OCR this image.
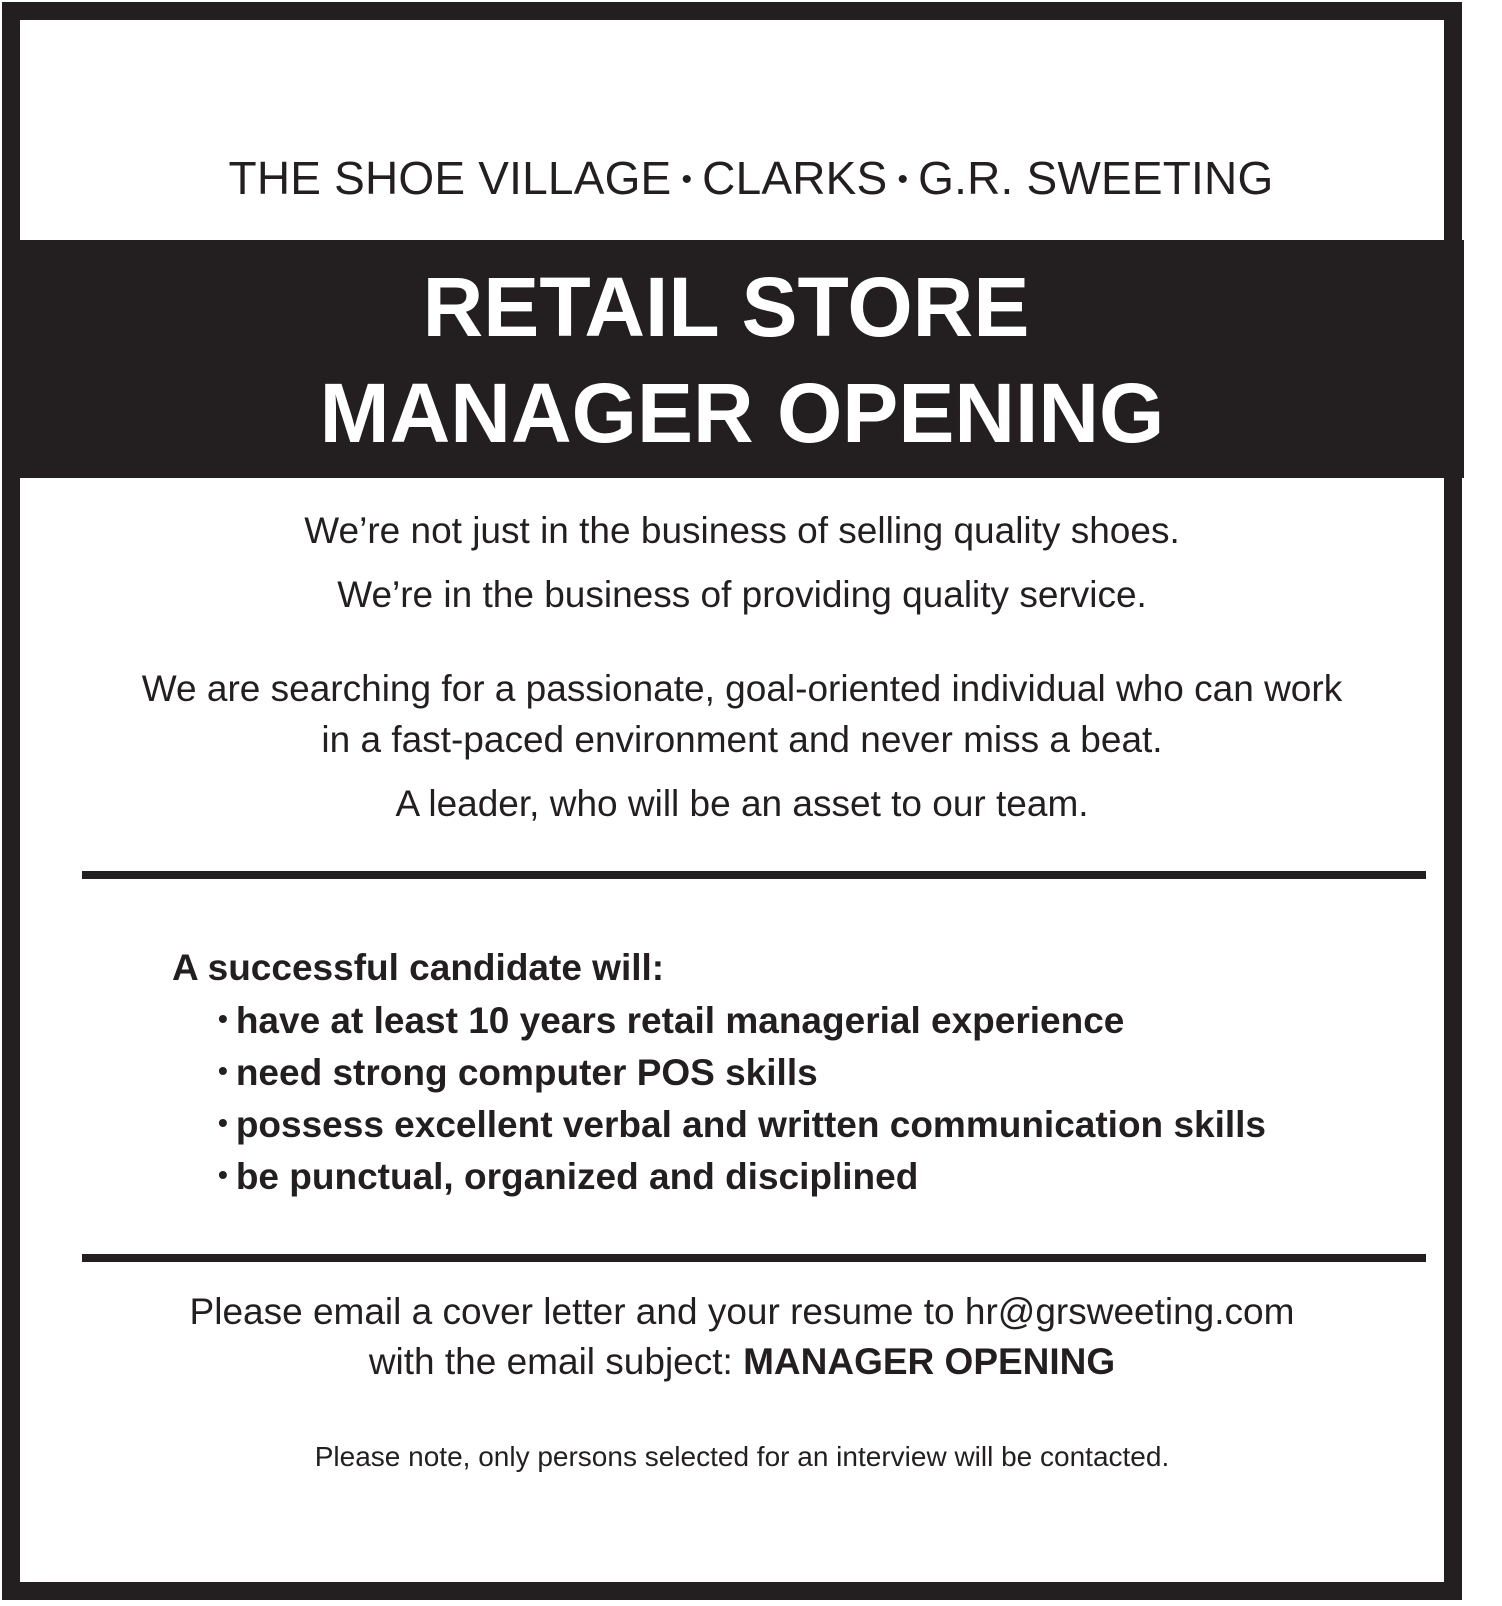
THE SHOE VILLAGE • CLARKS • G.R. SWEETING
RETAIL STORE
MANAGER OPENING
We’re not just in the business of selling quality shoes.
We’re in the business of providing quality service.
We are searching for a passionate, goal-oriented individual who can work
in a fast-paced environment and never miss a beat.
A leader, who will be an asset to our team.
A successful candidate will:
• have at least 10 years retail managerial experience
• need strong computer POS skills
• possess excellent verbal and written communication skills
• be punctual, organized and disciplined
Please email a cover letter and your resume to hr@grsweeting.com
with the email subject: MANAGER OPENING
Please note, only persons selected for an interview will be contacted.
